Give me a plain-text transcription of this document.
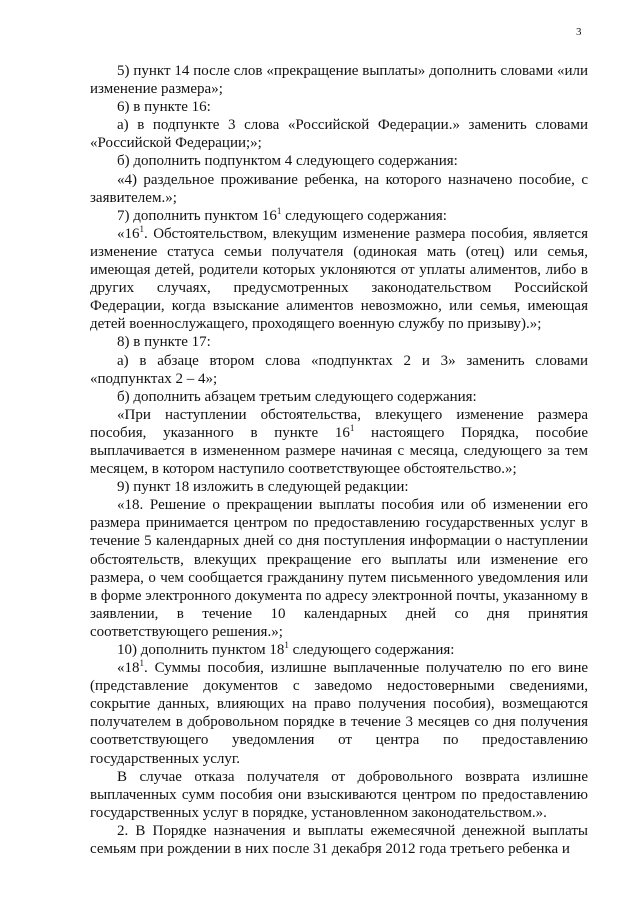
3

5) пункт 14 после слов «прекращение выплаты» дополнить словами «или изменение размера»;

6) в пункте 16:

а) в подпункте 3 слова «Российской Федерации.» заменить словами «Российской Федерации;»;

б) дополнить подпунктом 4 следующего содержания:

«4) раздельное проживание ребенка, на которого назначено пособие, с заявителем.»;

7) дополнить пунктом $16^1$ следующего содержания:

«$16^1$. Обстоятельством, влекущим изменение размера пособия, является изменение статуса семьи получателя (одинокая мать (отец) или семья, имеющая детей, родители которых уклоняются от уплаты алиментов, либо в других случаях, предусмотренных законодательством Российской Федерации, когда взыскание алиментов невозможно, или семья, имеющая детей военнослужащего, проходящего военную службу по призыву).»;

8) в пункте 17:

а) в абзаце втором слова «подпунктах 2 и 3» заменить словами «подпунктах 2 – 4»;

б) дополнить абзацем третьим следующего содержания:

«При наступлении обстоятельства, влекущего изменение размера пособия, указанного в пункте $16^1$ настоящего Порядка, пособие выплачивается в измененном размере начиная с месяца, следующего за тем месяцем, в котором наступило соответствующее обстоятельство.»;

9) пункт 18 изложить в следующей редакции:

«18. Решение о прекращении выплаты пособия или об изменении его размера принимается центром по предоставлению государственных услуг в течение 5 календарных дней со дня поступления информации о наступлении обстоятельств, влекущих прекращение его выплаты или изменение его размера, о чем сообщается гражданину путем письменного уведомления или в форме электронного документа по адресу электронной почты, указанному в заявлении, в течение 10 календарных дней со дня принятия соответствующего решения.»;

10) дополнить пунктом $18^1$ следующего содержания:

«$18^1$. Суммы пособия, излишне выплаченные получателю по его вине (представление документов с заведомо недостоверными сведениями, сокрытие данных, влияющих на право получения пособия), возмещаются получателем в добровольном порядке в течение 3 месяцев со дня получения соответствующего уведомления от центра по предоставлению государственных услуг.

В случае отказа получателя от добровольного возврата излишне выплаченных сумм пособия они взыскиваются центром по предоставлению государственных услуг в порядке, установленном законодательством.».

2. В Порядке назначения и выплаты ежемесячной денежной выплаты семьям при рождении в них после 31 декабря 2012 года третьего ребенка и
